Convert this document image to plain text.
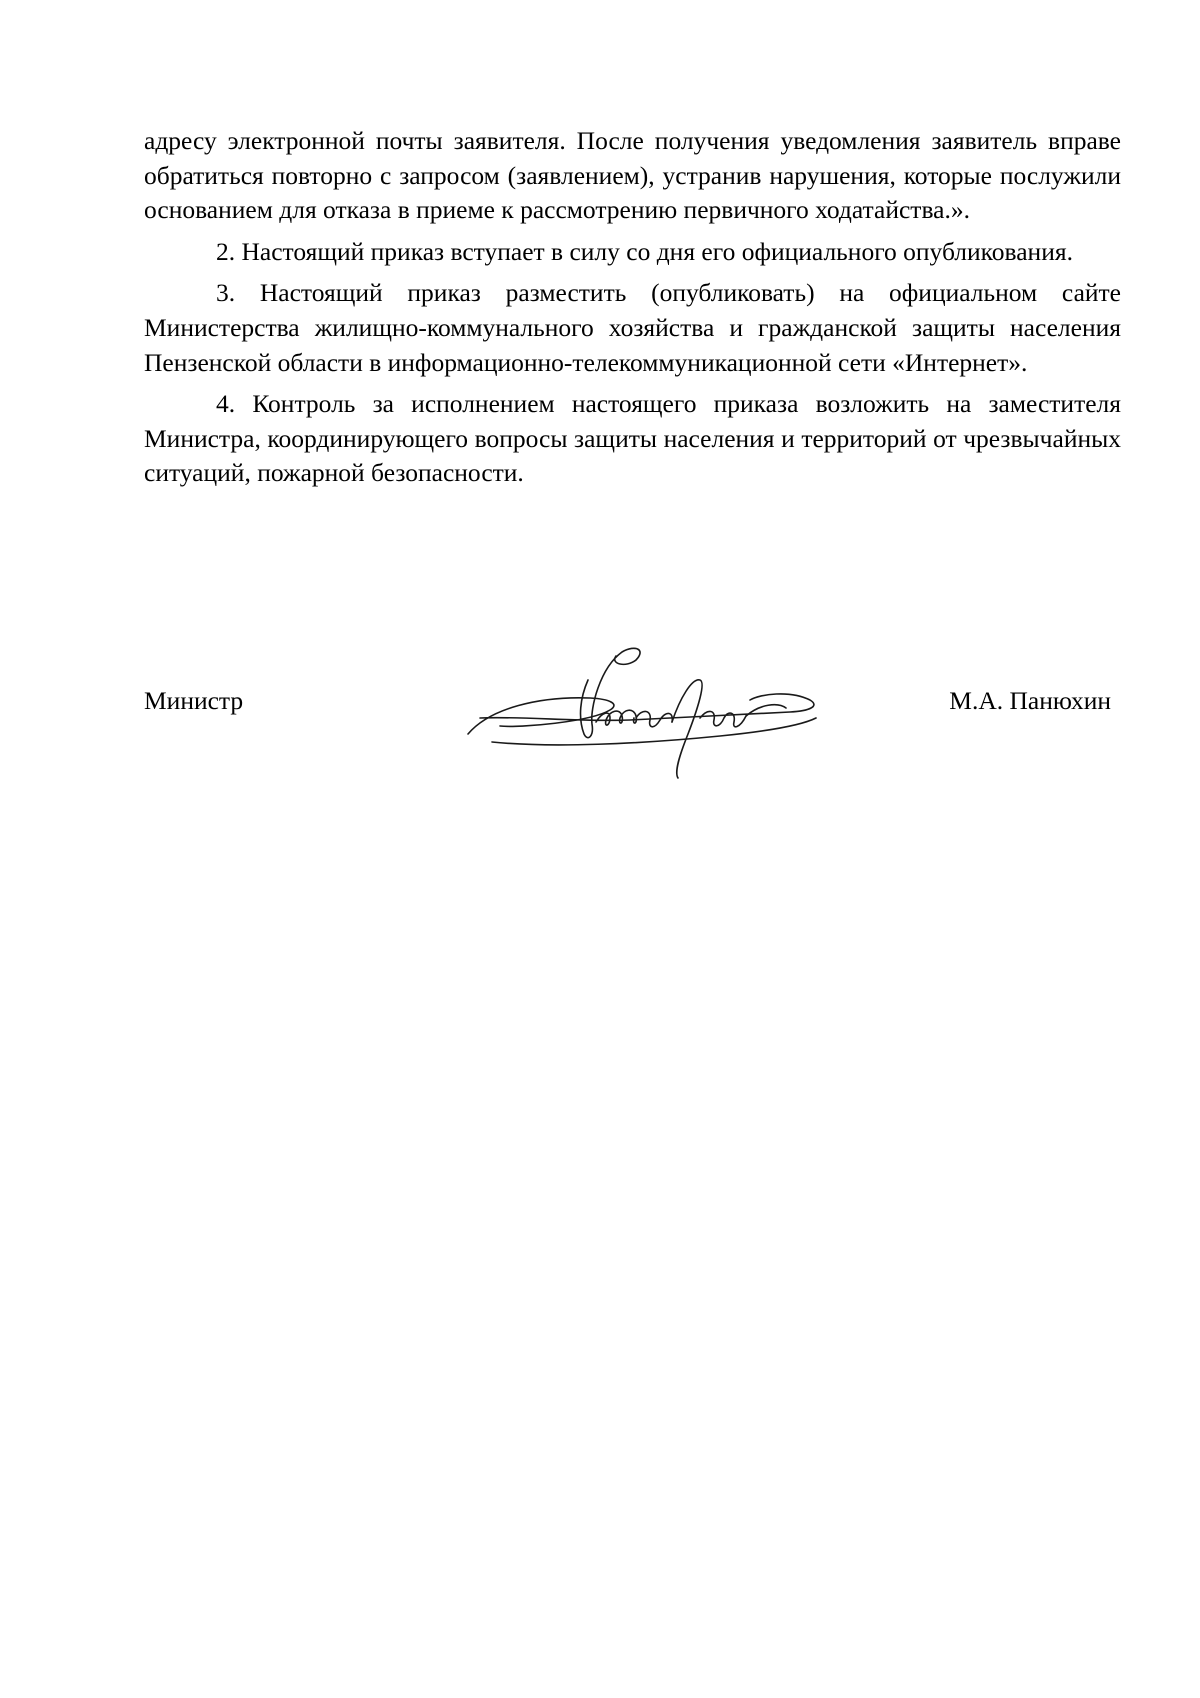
адресу электронной почты заявителя. После получения уведомления заявитель вправе обратиться повторно с запросом (заявлением), устранив нарушения, которые послужили основанием для отказа в приеме к рассмотрению первичного ходатайства.».

2. Настоящий приказ вступает в силу со дня его официального опубликования.

3. Настоящий приказ разместить (опубликовать) на официальном сайте Министерства жилищно-коммунального хозяйства и гражданской защиты населения Пензенской области в информационно-телекоммуникационной сети «Интернет».

4. Контроль за исполнением настоящего приказа возложить на заместителя Министра, координирующего вопросы защиты населения и территорий от чрезвычайных ситуаций, пожарной безопасности.

Министр	М.А. Панюхин
